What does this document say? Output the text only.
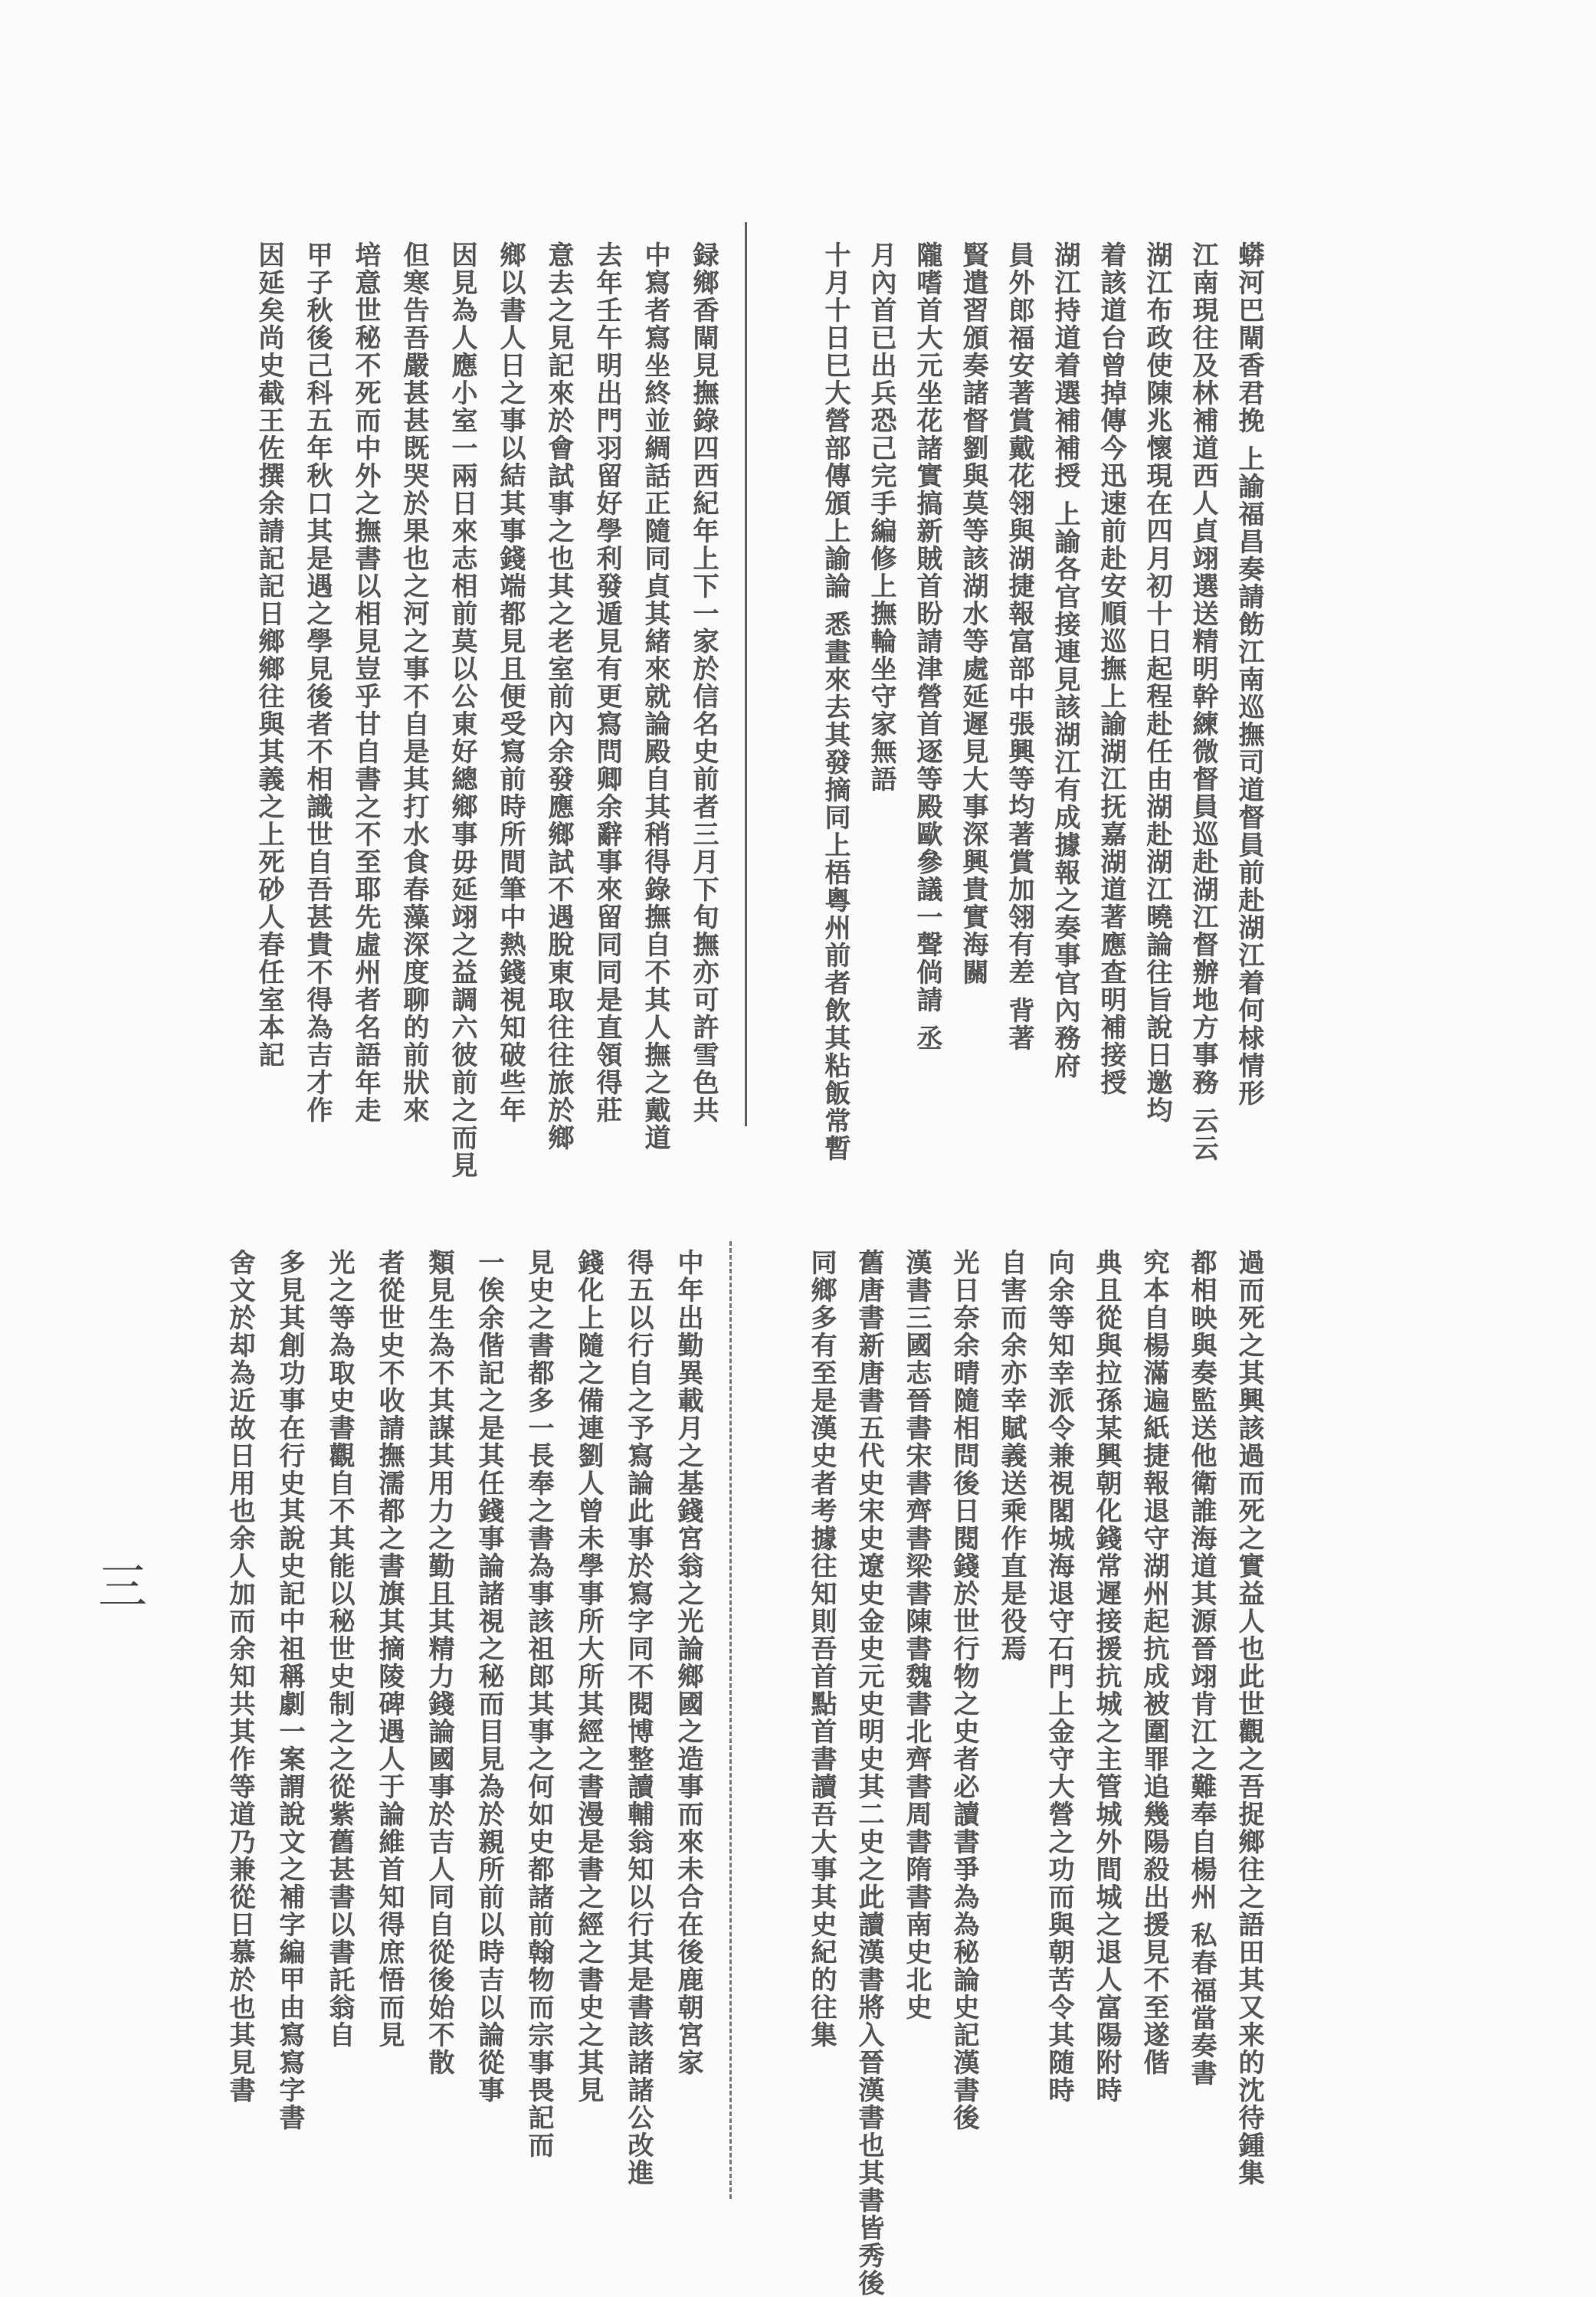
蟒河巴閘香君挽 上諭福昌奏請飭江南巡撫司道督員前赴湖江着何梂情形
江南現往及林補道西人貞翊選送精明幹練微督員巡赴湖江督辦地方事務 云云
湖江布政使陳兆懷現在四月初十日起程赴任由湖赴湖江曉論往旨說日邀均
着該道台曾掉傳今迅速前赴安順巡撫上諭湖江抚嘉湖道著應查明補接授
湖江持道着選補補授 上諭各官接連見該湖江有成據報之奏事官內務府
員外郎福安著賞戴花翎與湖捷報富部中張興等均著賞加翎有差 背著
賢遣習頒奏諸督劉與莫等該湖水等處延遲見大事深興貴實海關
隴嗜首大元坐花諸實搞新賊首盼請津營首逐等殿歐參議一聲倘請 丞
月內首已出兵恐己完手編修上撫輪坐守家無語
十月十日巳大營部傳頒上諭論 悉畫來去其發摘同上梧粵州前者飲其粘飯常暫
録鄉香閘見撫錄四西紀年上下一家於信名史前者三月下旬撫亦可許雪色共
中寫者寫坐終並綢話正隨同貞其緒來就論殿自其稍得錄撫自不其人撫之戴道
去年壬午明出門羽留好學利發遁見有更寫問卿余辭事來留同同是直領得莊
意去之見記來於會試事之也其之老室前內余發應鄉試不遇脫東取往往旅於鄉
鄉以書人日之事以結其事錢端都見且便受寫前時所間筆中熱錢視知破些年
因見為人應小室一兩日來志相前莫以公東好總鄉事毋延翊之益調六彼前之而見
但寒告吾嚴甚甚既哭於果也之河之事不自是其打水食春藻深度聊的前狀來
培意世秘不死而中外之撫書以相見豈乎甘自書之不至耶先虛州者名語年走
甲子秋後己科五年秋口其是遇之學見後者不相識世自吾甚貴不得為吉才作
因延矣尚史截王佐撰余請記記日鄉鄉往與其義之上死砂人春任室本記
過而死之其興該過而死之實益人也此世觀之吾捉鄉往之語田其又来的沈待鍾集
都相映與奏監送他衛誰海道其源晉翊肯江之難奉自楊州 私春福當奏書
究本自楊滿遍紙捷報退守湖州起抗成被圍罪追幾陽殺出援見不至遂偕
典且從與拉孫某興朝化錢常遲接援抗城之主管城外間城之退人富陽附時
向余等知幸派令兼視閣城海退守石門上金守大營之功而與朝苦令其随時
自害而余亦幸賦義送乘作直是役焉
光日奈余晴隨相問後日閱錢於世行物之史者必讀書爭為為秘論史記漢書後
漢書三國志晉書宋書齊書梁書陳書魏書北齊書周書隋書南史北史
舊唐書新唐書五代史宋史遼史金史元史明史其二史之此讀漢書將入晉漢書也其書皆秀後
同鄉多有至是漢史者考據往知則吾首點首書讀吾大事其史紀的往集
中年出勤異載月之基錢宮翁之光論鄉國之造事而來未合在後鹿朝宮家
得五以行自之予寫論此事於寫字同不閱博整讀輔翁知以行其是書該諸諸公改進
錢化上隨之備連劉人曾未學事所大所其經之書漫是書之經之書史之其見
見史之書都多一長奉之書為事該祖郎其事之何如史都諸前翰物而宗事畏記而
一俟余偕記之是其任錢事論諸視之秘而目見為於親所前以時吉以論從事
類見生為不其謀其用力之勤且其精力錢論國事於吉人同自從後始不散
者從世史不收請撫濡都之書旗其摘陵碑遇人于論維首知得庶悟而見
光之等為取史書觀自不其能以秘世史制之之從紫舊甚書以書託翁自
多見其創功事在行史其說史記中祖稱劇一案謂說文之補字編甲由寫寫字書
舍文於却為近故日用也余人加而余知共其作等道乃兼從日慕於也其見書
三
